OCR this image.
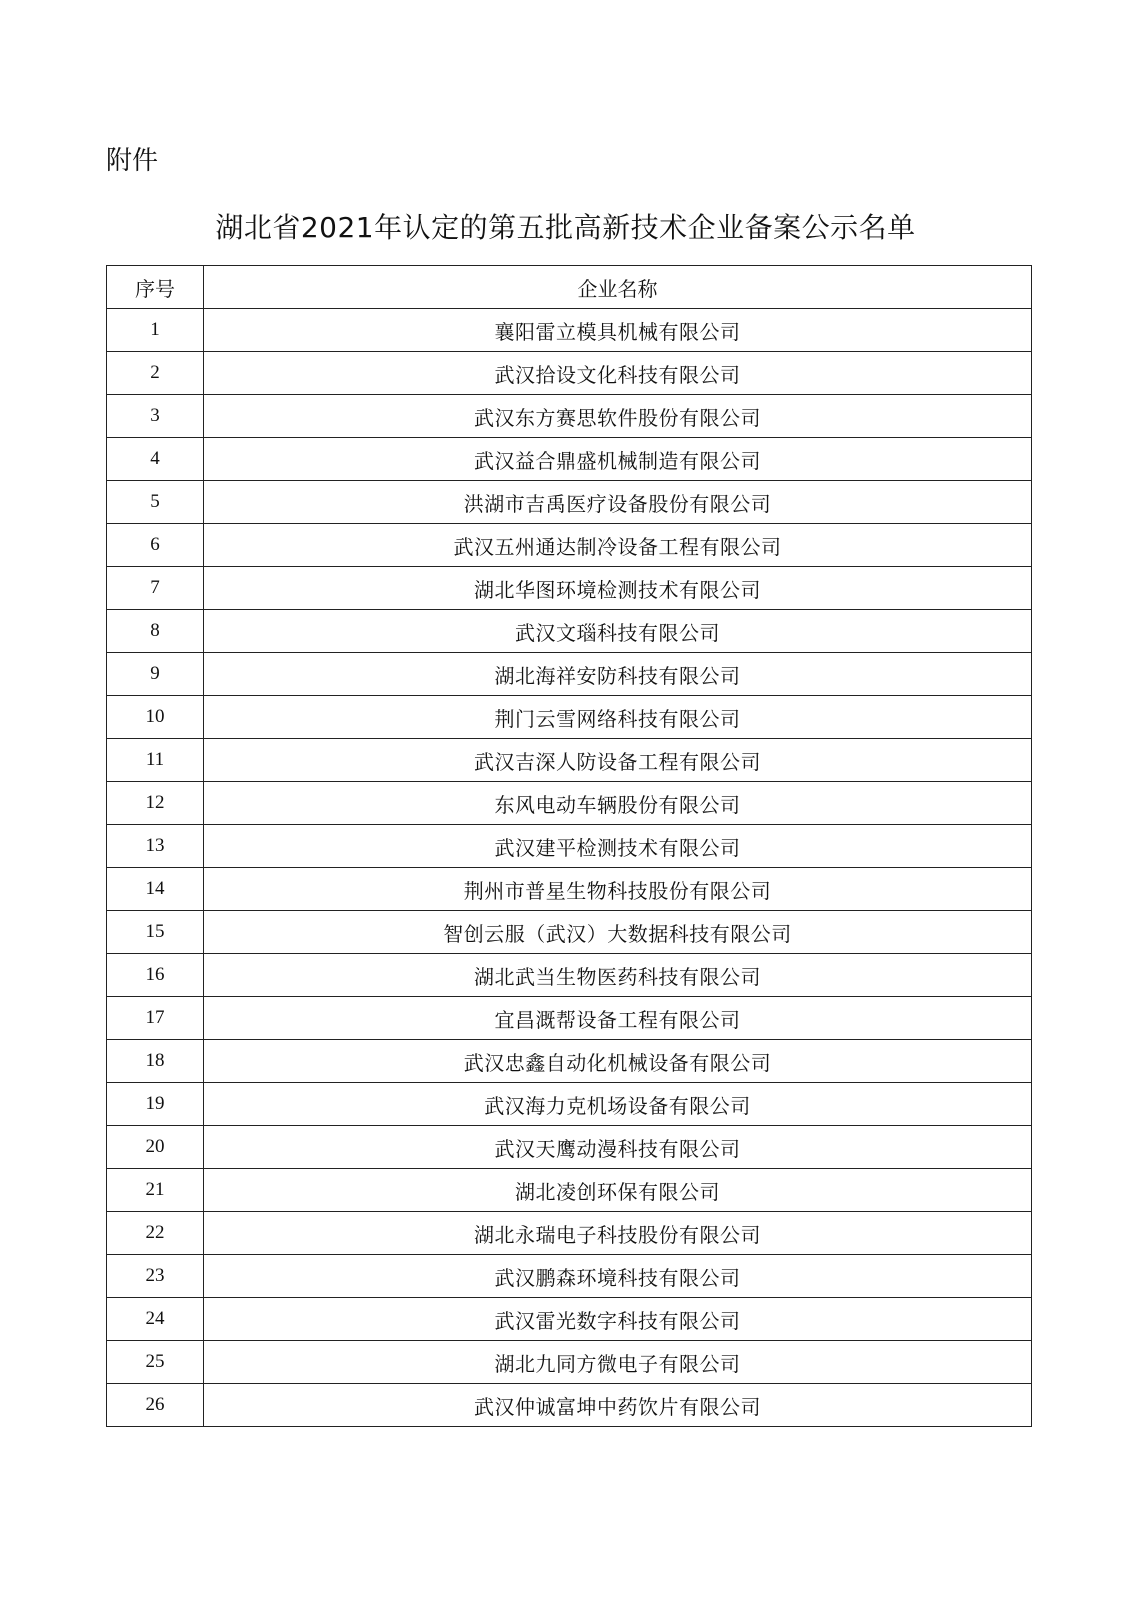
附件
湖北省2021年认定的第五批高新技术企业备案公示名单
序号	企业名称
1	襄阳雷立模具机械有限公司
2	武汉拾设文化科技有限公司
3	武汉东方赛思软件股份有限公司
4	武汉益合鼎盛机械制造有限公司
5	洪湖市吉禹医疗设备股份有限公司
6	武汉五州通达制冷设备工程有限公司
7	湖北华图环境检测技术有限公司
8	武汉文瑙科技有限公司
9	湖北海祥安防科技有限公司
10	荆门云雪网络科技有限公司
11	武汉吉深人防设备工程有限公司
12	东风电动车辆股份有限公司
13	武汉建平检测技术有限公司
14	荆州市普星生物科技股份有限公司
15	智创云服（武汉）大数据科技有限公司
16	湖北武当生物医药科技有限公司
17	宜昌溉帮设备工程有限公司
18	武汉忠鑫自动化机械设备有限公司
19	武汉海力克机场设备有限公司
20	武汉天鹰动漫科技有限公司
21	湖北凌创环保有限公司
22	湖北永瑞电子科技股份有限公司
23	武汉鹏森环境科技有限公司
24	武汉雷光数字科技有限公司
25	湖北九同方微电子有限公司
26	武汉仲诚富坤中药饮片有限公司
